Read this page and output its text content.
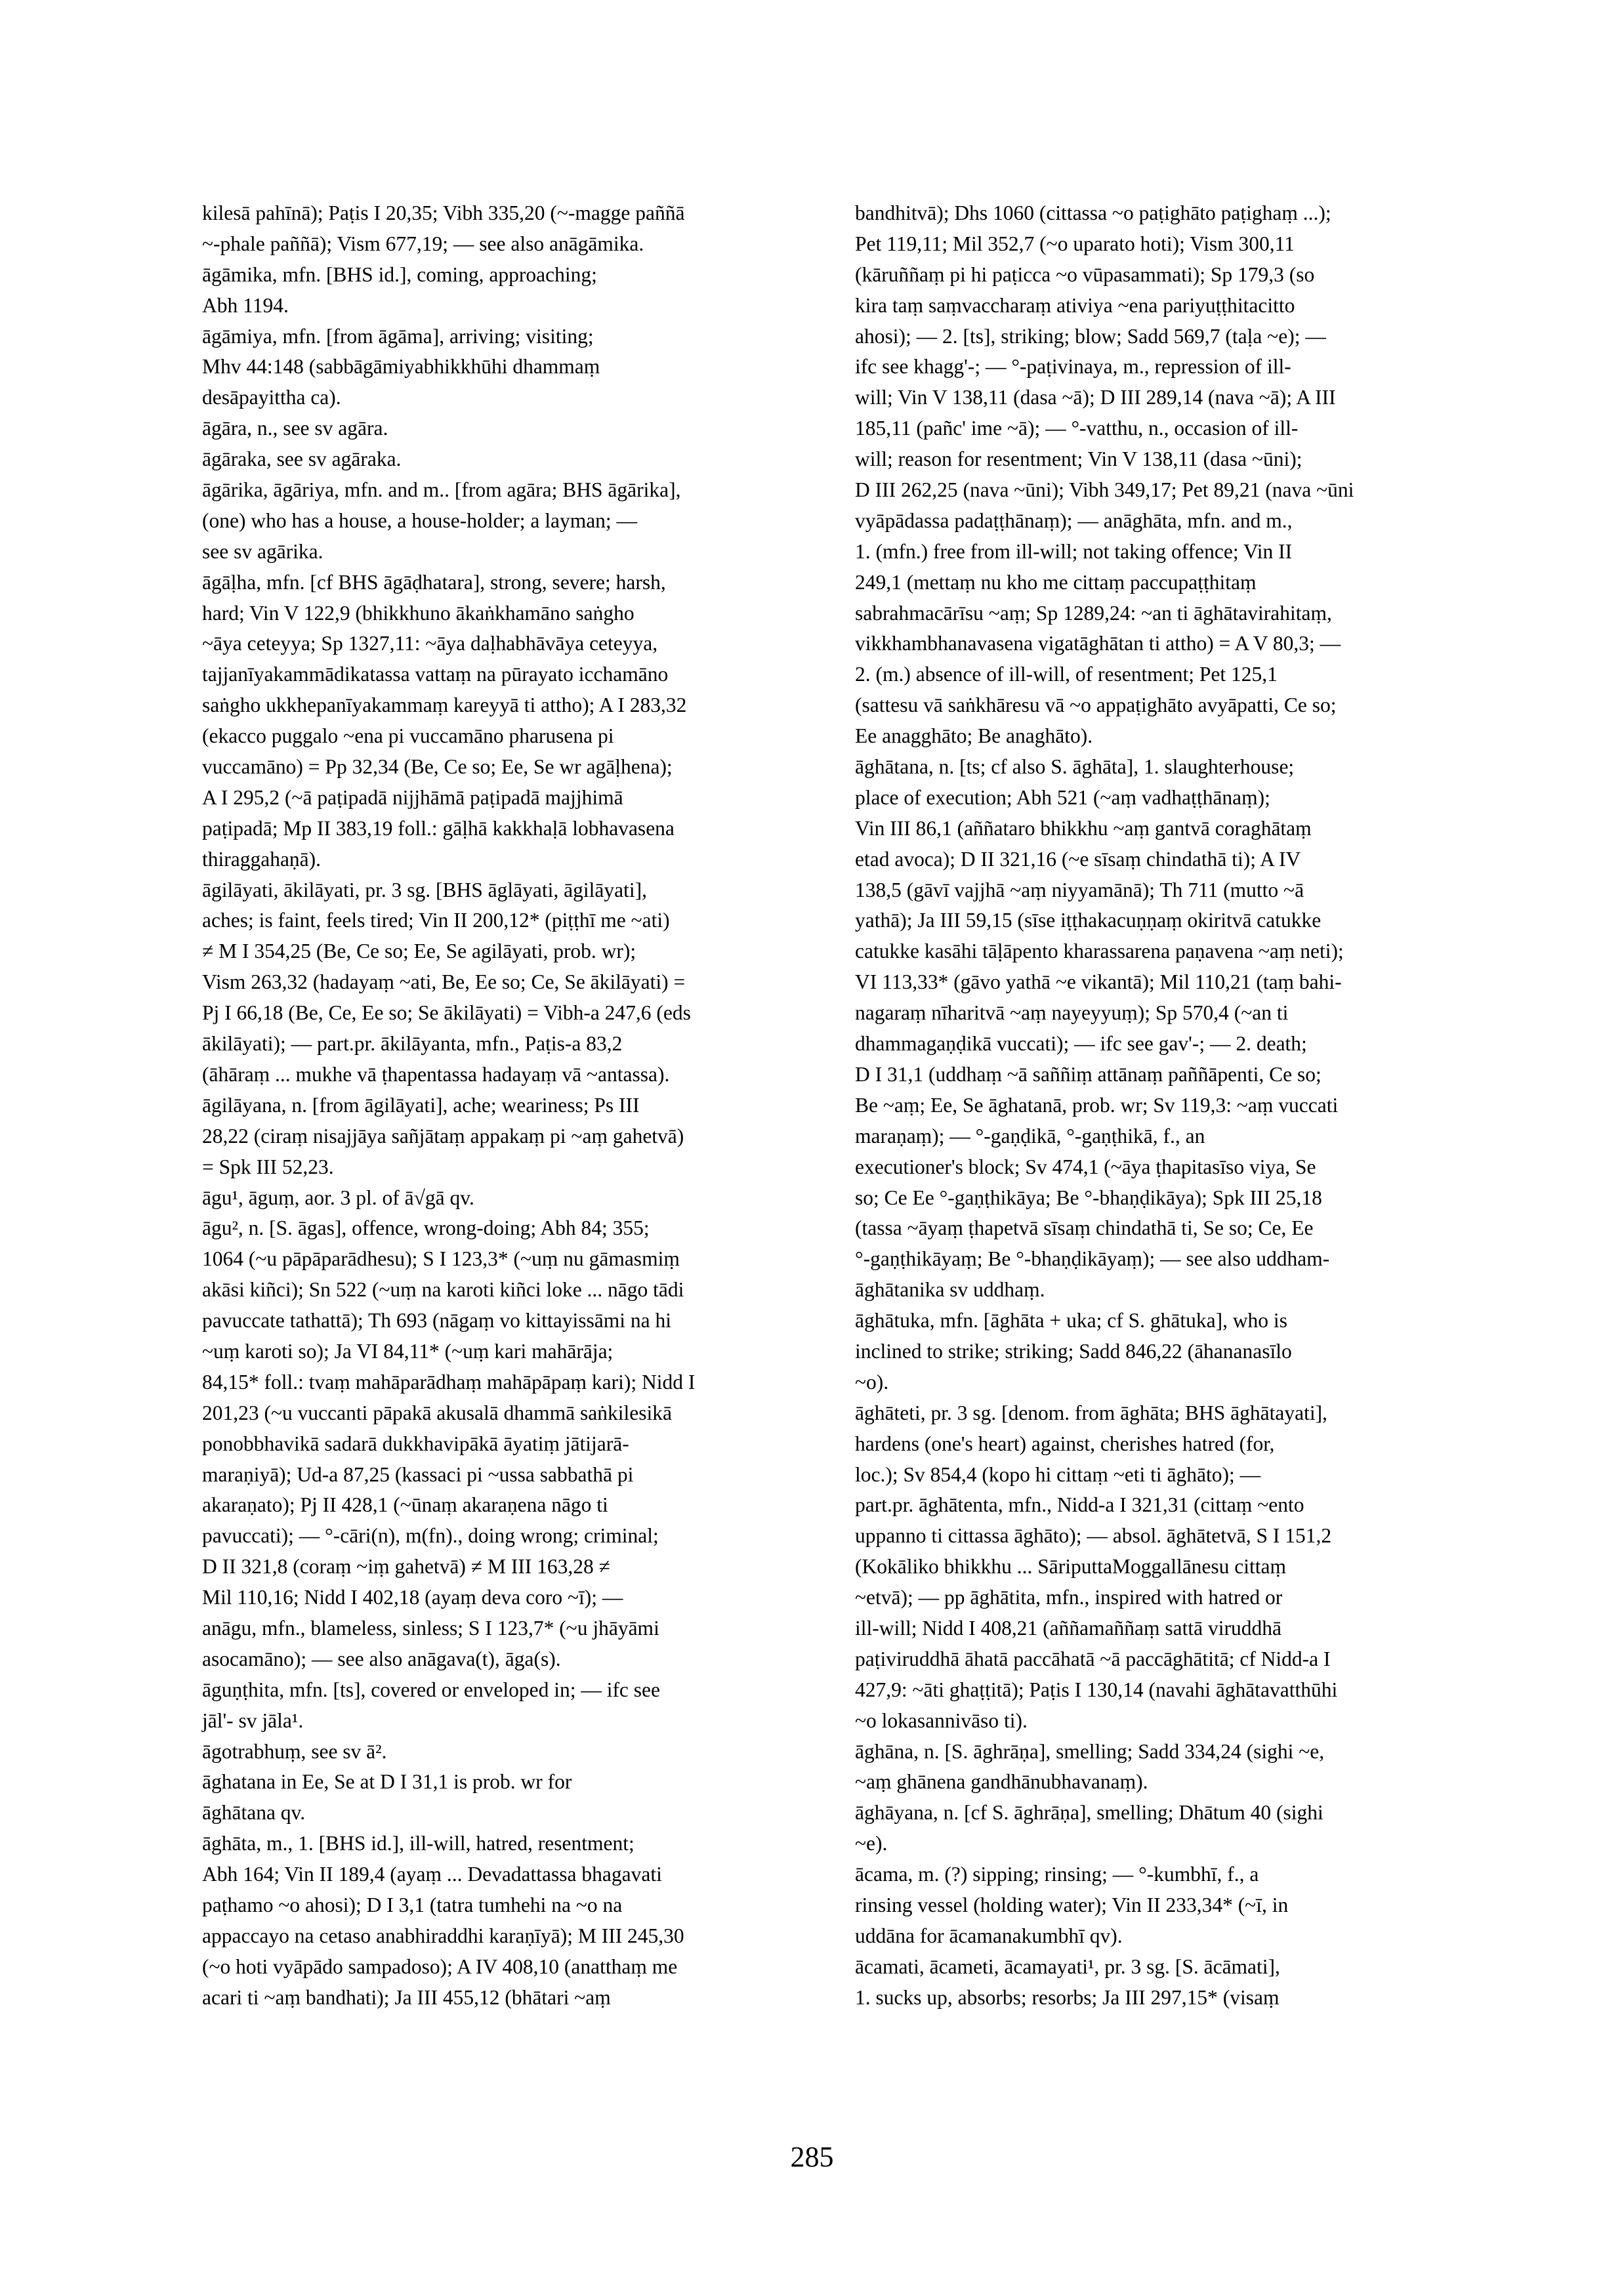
kilesā pahīnā); Paṭis I 20,35; Vibh 335,20 (~-magge paññā
~-phale paññā); Vism 677,19; — see also anāgāmika.
āgāmika, mfn. [BHS id.], coming, approaching;
Abh 1194.
āgāmiya, mfn. [from āgāma], arriving; visiting;
Mhv 44:148 (sabbāgāmiyabhikkhūhi dhammaṃ
desāpayittha ca).
āgāra, n., see sv agāra.
āgāraka, see sv agāraka.
āgārika, āgāriya, mfn. and m.. [from agāra; BHS āgārika],
(one) who has a house, a house-holder; a layman; —
see sv agārika.
āgāḷha, mfn. [cf BHS āgāḍhatara], strong, severe; harsh,
hard; Vin V 122,9 (bhikkhuno ākaṅkhamāno saṅgho
~āya ceteyya; Sp 1327,11: ~āya daḷhabhāvāya ceteyya,
tajjanīyakammādikatassa vattaṃ na pūrayato icchamāno
saṅgho ukkhepanīyakammaṃ kareyyā ti attho); A I 283,32
(ekacco puggalo ~ena pi vuccamāno pharusena pi
vuccamāno) = Pp 32,34 (Be, Ce so; Ee, Se wr agāḷhena);
A I 295,2 (~ā paṭipadā nijjhāmā paṭipadā majjhimā
paṭipadā; Mp II 383,19 foll.: gāḷhā kakkhaḷā lobhavasena
thiraggahaṇā).
āgilāyati, ākilāyati, pr. 3 sg. [BHS āglāyati, āgilāyati],
aches; is faint, feels tired; Vin II 200,12* (piṭṭhī me ~ati)
≠ M I 354,25 (Be, Ce so; Ee, Se agilāyati, prob. wr);
Vism 263,32 (hadayaṃ ~ati, Be, Ee so; Ce, Se ākilāyati) =
Pj I 66,18 (Be, Ce, Ee so; Se ākilāyati) = Vibh-a 247,6 (eds
ākilāyati); — part.pr. ākilāyanta, mfn., Paṭis-a 83,2
(āhāraṃ ... mukhe vā ṭhapentassa hadayaṃ vā ~antassa).
āgilāyana, n. [from āgilāyati], ache; weariness; Ps III
28,22 (ciraṃ nisajjāya sañjātaṃ appakaṃ pi ~aṃ gahetvā)
= Spk III 52,23.
āgu¹, āguṃ, aor. 3 pl. of ā√gā qv.
āgu², n. [S. āgas], offence, wrong-doing; Abh 84; 355;
1064 (~u pāpāparādhesu); S I 123,3* (~uṃ nu gāmasmiṃ
akāsi kiñci); Sn 522 (~uṃ na karoti kiñci loke ... nāgo tādi
pavuccate tathattā); Th 693 (nāgaṃ vo kittayissāmi na hi
~uṃ karoti so); Ja VI 84,11* (~uṃ kari mahārāja;
84,15* foll.: tvaṃ mahāparādhaṃ mahāpāpaṃ kari); Nidd I
201,23 (~u vuccanti pāpakā akusalā dhammā saṅkilesikā
ponobbhavikā sadarā dukkhavipākā āyatiṃ jātijarā-
maraṇiyā); Ud-a 87,25 (kassaci pi ~ussa sabbathā pi
akaraṇato); Pj II 428,1 (~ūnaṃ akaraṇena nāgo ti
pavuccati); — °-cāri(n), m(fn)., doing wrong; criminal;
D II 321,8 (coraṃ ~iṃ gahetvā) ≠ M III 163,28 ≠
Mil 110,16; Nidd I 402,18 (ayaṃ deva coro ~ī); —
anāgu, mfn., blameless, sinless; S I 123,7* (~u jhāyāmi
asocamāno); — see also anāgava(t), āga(s).
āguṇṭhita, mfn. [ts], covered or enveloped in; — ifc see
jāl'- sv jāla¹.
āgotrabhuṃ, see sv ā².
āghatana in Ee, Se at D I 31,1 is prob. wr for
āghātana qv.
āghāta, m., 1. [BHS id.], ill-will, hatred, resentment;
Abh 164; Vin II 189,4 (ayaṃ ... Devadattassa bhagavati
paṭhamo ~o ahosi); D I 3,1 (tatra tumhehi na ~o na
appaccayo na cetaso anabhiraddhi karaṇīyā); M III 245,30
(~o hoti vyāpādo sampadoso); A IV 408,10 (anatthaṃ me
acari ti ~aṃ bandhati); Ja III 455,12 (bhātari ~aṃ
bandhitvā); Dhs 1060 (cittassa ~o paṭighāto paṭighaṃ ...);
Pet 119,11; Mil 352,7 (~o uparato hoti); Vism 300,11
(kāruññaṃ pi hi paṭicca ~o vūpasammati); Sp 179,3 (so
kira taṃ saṃvaccharaṃ ativiya ~ena pariyuṭṭhitacitto
ahosi); — 2. [ts], striking; blow; Sadd 569,7 (taḷa ~e); —
ifc see khagg'-; — °-paṭivinaya, m., repression of ill-
will; Vin V 138,11 (dasa ~ā); D III 289,14 (nava ~ā); A III
185,11 (pañc' ime ~ā); — °-vatthu, n., occasion of ill-
will; reason for resentment; Vin V 138,11 (dasa ~ūni);
D III 262,25 (nava ~ūni); Vibh 349,17; Pet 89,21 (nava ~ūni
vyāpādassa padaṭṭhānaṃ); — anāghāta, mfn. and m.,
1. (mfn.) free from ill-will; not taking offence; Vin II
249,1 (mettaṃ nu kho me cittaṃ paccupaṭṭhitaṃ
sabrahmacārīsu ~aṃ; Sp 1289,24: ~an ti āghātavirahitaṃ,
vikkhambhanavasena vigatāghātan ti attho) = A V 80,3; —
2. (m.) absence of ill-will, of resentment; Pet 125,1
(sattesu vā saṅkhāresu vā ~o appaṭighāto avyāpatti, Ce so;
Ee anagghāto; Be anaghāto).
āghātana, n. [ts; cf also S. āghāta], 1. slaughterhouse;
place of execution; Abh 521 (~aṃ vadhaṭṭhānaṃ);
Vin III 86,1 (aññataro bhikkhu ~aṃ gantvā coraghātaṃ
etad avoca); D II 321,16 (~e sīsaṃ chindathā ti); A IV
138,5 (gāvī vajjhā ~aṃ niyyamānā); Th 711 (mutto ~ā
yathā); Ja III 59,15 (sīse iṭṭhakacuṇṇaṃ okiritvā catukke
catukke kasāhi tāḷāpento kharassarena paṇavena ~aṃ neti);
VI 113,33* (gāvo yathā ~e vikantā); Mil 110,21 (taṃ bahi-
nagaraṃ nīharitvā ~aṃ nayeyyuṃ); Sp 570,4 (~an ti
dhammagaṇḍikā vuccati); — ifc see gav'-; — 2. death;
D I 31,1 (uddhaṃ ~ā saññiṃ attānaṃ paññāpenti, Ce so;
Be ~aṃ; Ee, Se āghatanā, prob. wr; Sv 119,3: ~aṃ vuccati
maraṇaṃ); — °-gaṇḍikā, °-gaṇṭhikā, f., an
executioner's block; Sv 474,1 (~āya ṭhapitasīso viya, Se
so; Ce Ee °-gaṇṭhikāya; Be °-bhaṇḍikāya); Spk III 25,18
(tassa ~āyaṃ ṭhapetvā sīsaṃ chindathā ti, Se so; Ce, Ee
°-gaṇṭhikāyaṃ; Be °-bhaṇḍikāyaṃ); — see also uddham-
āghātanika sv uddhaṃ.
āghātuka, mfn. [āghāta + uka; cf S. ghātuka], who is
inclined to strike; striking; Sadd 846,22 (āhananasīlo
~o).
āghāteti, pr. 3 sg. [denom. from āghāta; BHS āghātayati],
hardens (one's heart) against, cherishes hatred (for,
loc.); Sv 854,4 (kopo hi cittaṃ ~eti ti āghāto); —
part.pr. āghātenta, mfn., Nidd-a I 321,31 (cittaṃ ~ento
uppanno ti cittassa āghāto); — absol. āghātetvā, S I 151,2
(Kokāliko bhikkhu ... SāriputtaMoggallānesu cittaṃ
~etvā); — pp āghātita, mfn., inspired with hatred or
ill-will; Nidd I 408,21 (aññamaññaṃ sattā viruddhā
paṭiviruddhā āhatā paccāhatā ~ā paccāghātitā; cf Nidd-a I
427,9: ~āti ghaṭṭitā); Paṭis I 130,14 (navahi āghātavatthūhi
~o lokasannivāso ti).
āghāna, n. [S. āghrāṇa], smelling; Sadd 334,24 (sighi ~e,
~aṃ ghānena gandhānubhavanaṃ).
āghāyana, n. [cf S. āghrāṇa], smelling; Dhātum 40 (sighi
~e).
ācama, m. (?) sipping; rinsing; — °-kumbhī, f., a
rinsing vessel (holding water); Vin II 233,34* (~ī, in
uddāna for ācamanakumbhī qv).
ācamati, ācameti, ācamayati¹, pr. 3 sg. [S. ācāmati],
1. sucks up, absorbs; resorbs; Ja III 297,15* (visaṃ
285
